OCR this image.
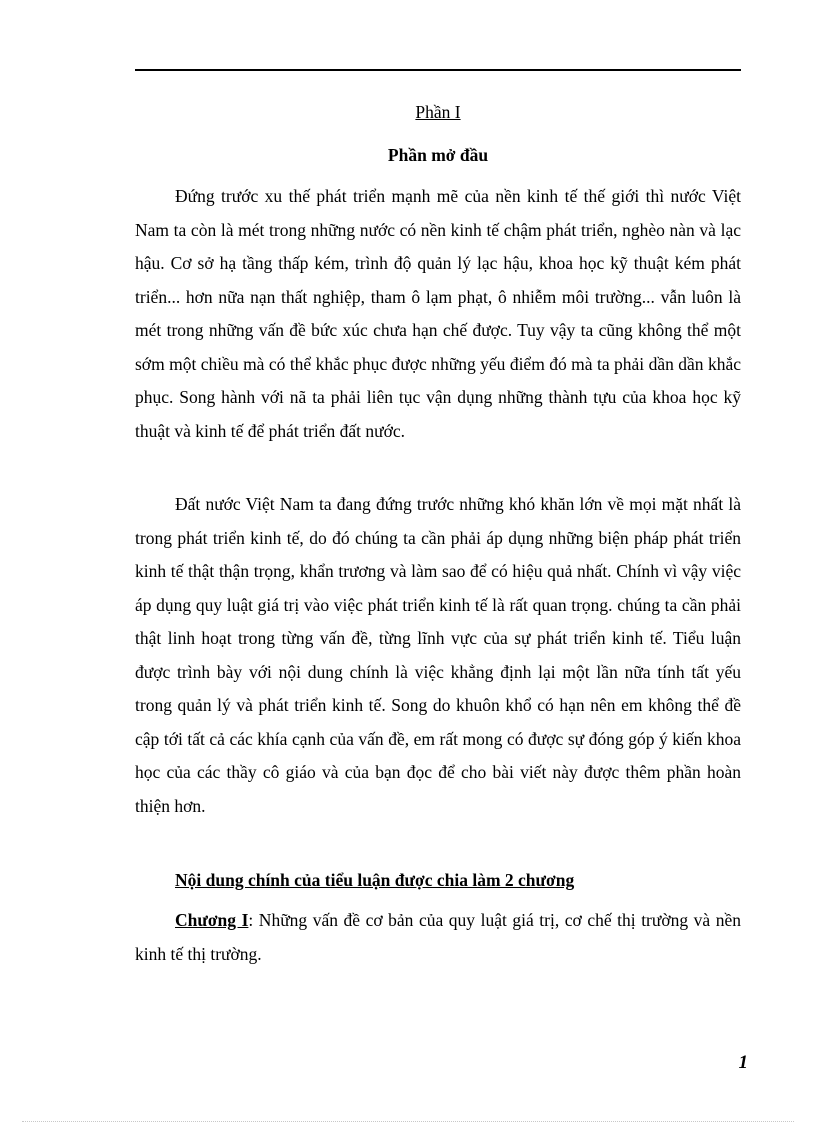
Phần I
Phần mở đầu

Đứng trước xu thế phát triển mạnh mẽ của nền kinh tế thế giới thì nước Việt Nam ta còn là mét trong những nước có nền kinh tế chậm phát triển, nghèo nàn và lạc hậu. Cơ sở hạ tầng thấp kém, trình độ quản lý lạc hậu, khoa học kỹ thuật kém phát triển... hơn nữa nạn thất nghiệp, tham ô lạm phạt, ô nhiễm môi trường... vẫn luôn là mét trong những vấn đề bức xúc chưa hạn chế được. Tuy vậy ta cũng không thể một sớm một chiều mà có thể khắc phục được những yếu điểm đó mà ta phải dần dần khắc phục. Song hành với nã ta phải liên tục vận dụng những thành tựu của khoa học kỹ thuật và kinh tế để phát triển đất nước.

Đất nước Việt Nam ta đang đứng trước những khó khăn lớn về mọi mặt nhất là trong phát triển kinh tế, do đó chúng ta cần phải áp dụng những biện pháp phát triển kinh tế thật thận trọng, khẩn trương và làm sao để có hiệu quả nhất. Chính vì vậy việc áp dụng quy luật giá trị vào việc phát triển kinh tế là rất quan trọng. chúng ta cần phải thật linh hoạt trong từng vấn đề, từng lĩnh vực của sự phát triển kinh tế. Tiểu luận được trình bày với nội dung chính là việc khẳng định lại một lần nữa tính tất yếu trong quản lý và phát triển kinh tế. Song do khuôn khổ có hạn nên em không thể đề cập tới tất cả các khía cạnh của vấn đề, em rất mong có được sự đóng góp ý kiến khoa học của các thầy cô giáo và của bạn đọc để cho bài viết này được thêm phần hoàn thiện hơn.

Nội dung chính của tiểu luận được chia làm 2 chương

Chương I: Những vấn đề cơ bản của quy luật giá trị, cơ chế thị trường và nền kinh tế thị trường.

1
